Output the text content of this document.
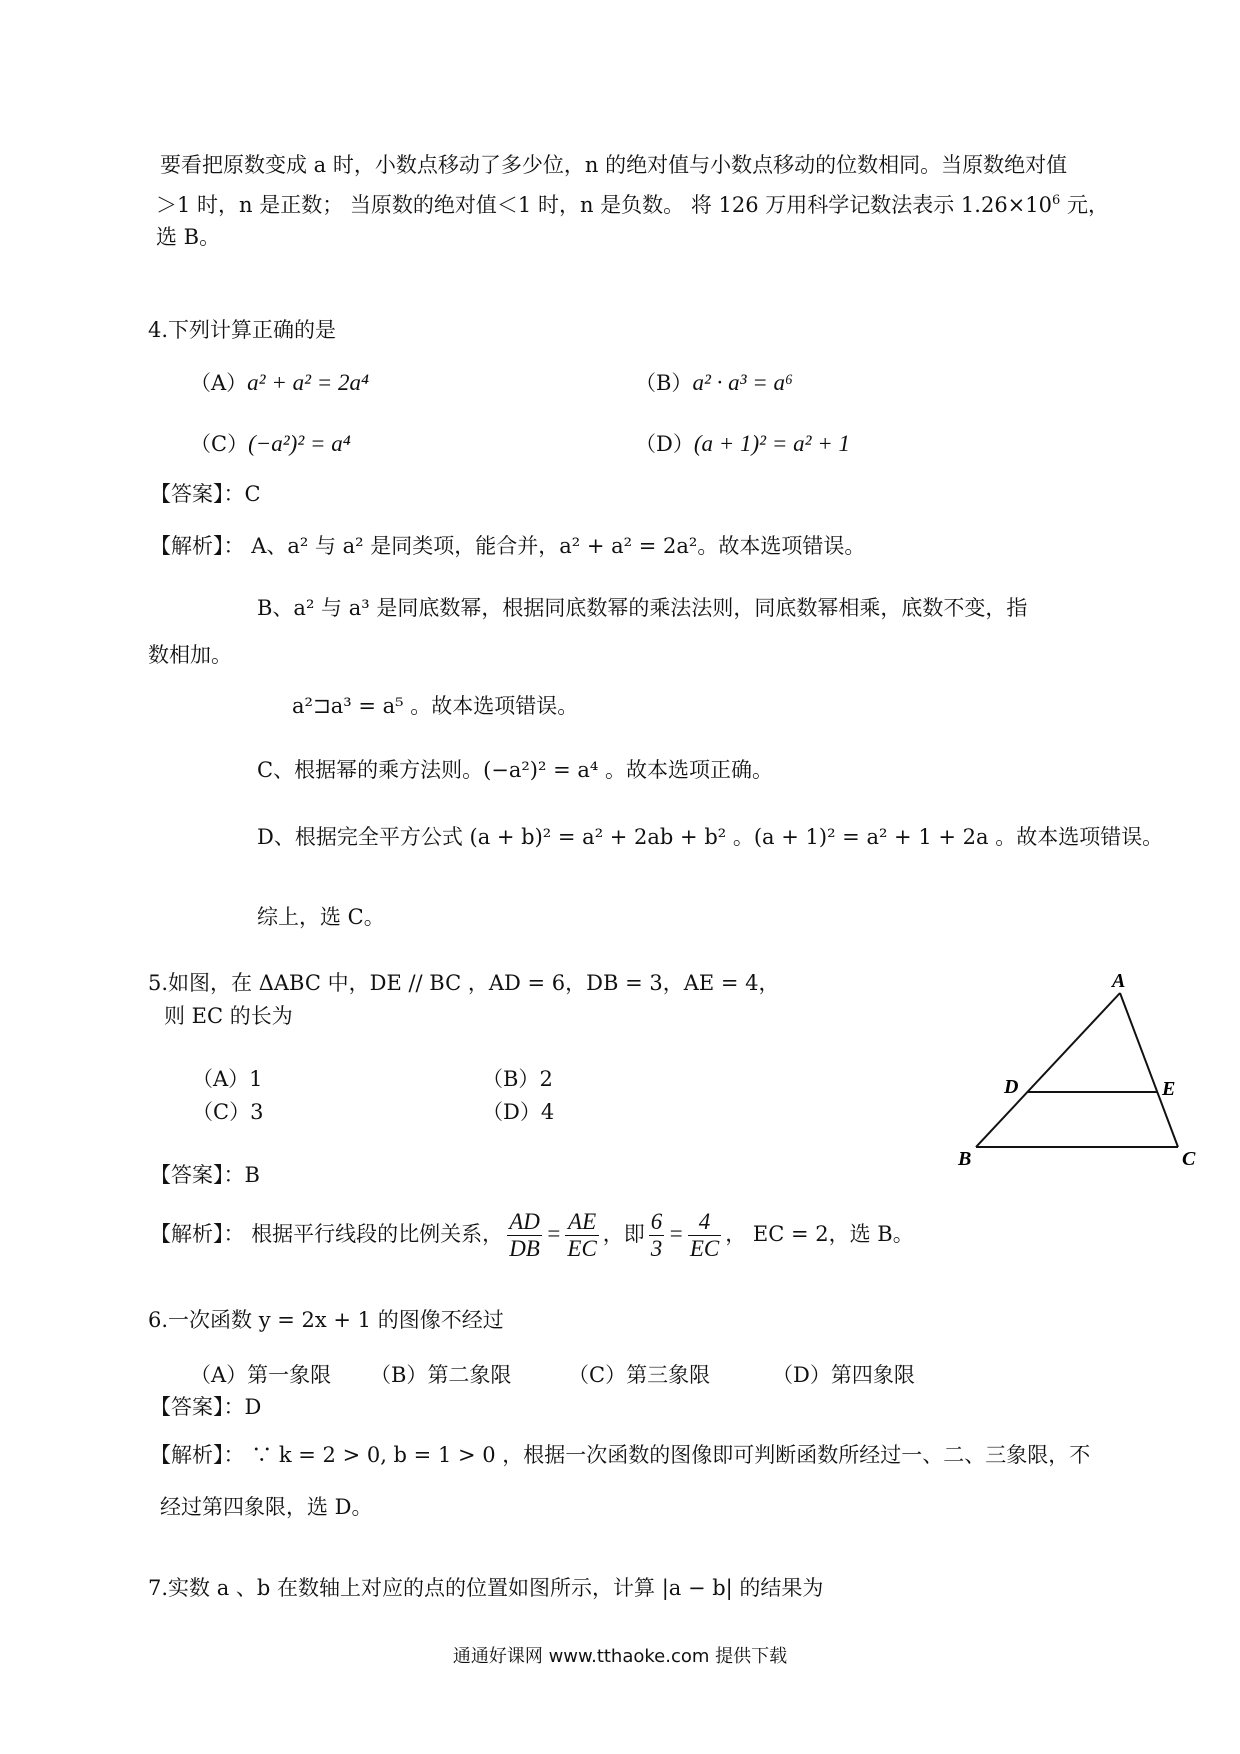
要看把原数变成 a 时，小数点移动了多少位，n 的绝对值与小数点移动的位数相同。当原数绝对值
＞1 时，n 是正数； 当原数的绝对值＜1 时，n 是负数。 将 126 万用科学记数法表示 $1.26\times 10^6$ 元，
选 B。
4.下列计算正确的是
（A）a² + a² = 2a⁴	（B）a² · a³ = a⁶
（C）(−a²)² = a⁴	（D）(a + 1)² = a² + 1
【答案】：C
【解析】： A、a² 与 a² 是同类项，能合并，a² + a² = 2a²。故本选项错误。
B、a² 与 a³ 是同底数幂，根据同底数幂的乘法法则，同底数幂相乘，底数不变，指
数相加。
a²⊐a³ = a⁵ 。故本选项错误。
C、根据幂的乘方法则。(−a²)² = a⁴ 。故本选项正确。
D、根据完全平方公式 (a + b)² = a² + 2ab + b² 。(a + 1)² = a² + 1 + 2a 。故本选项错误。
综上，选 C。
5.如图，在 ΔABC 中，DE // BC ，AD = 6，DB = 3，AE = 4，
则 EC 的长为
（A）1	（B）2
（C）3	（D）4
A
B	C
D	E
【答案】：B
【解析】： 根据平行线段的比例关系， $\frac{AD}{DB} = \frac{AE}{EC}$ ，即 $\frac{6}{3} = \frac{4}{EC}$ ， EC = 2，选 B。
6.一次函数 y = 2x + 1 的图像不经过
（A）第一象限 （B）第二象限	（C）第三象限	（D）第四象限
【答案】：D
【解析】： ∵ k = 2 > 0, b = 1 > 0 ，根据一次函数的图像即可判断函数所经过一、二、三象限，不
经过第四象限，选 D。
7.实数 a 、b 在数轴上对应的点的位置如图所示，计算 |a − b| 的结果为
通通好课网 www.tthaoke.com 提供下载
